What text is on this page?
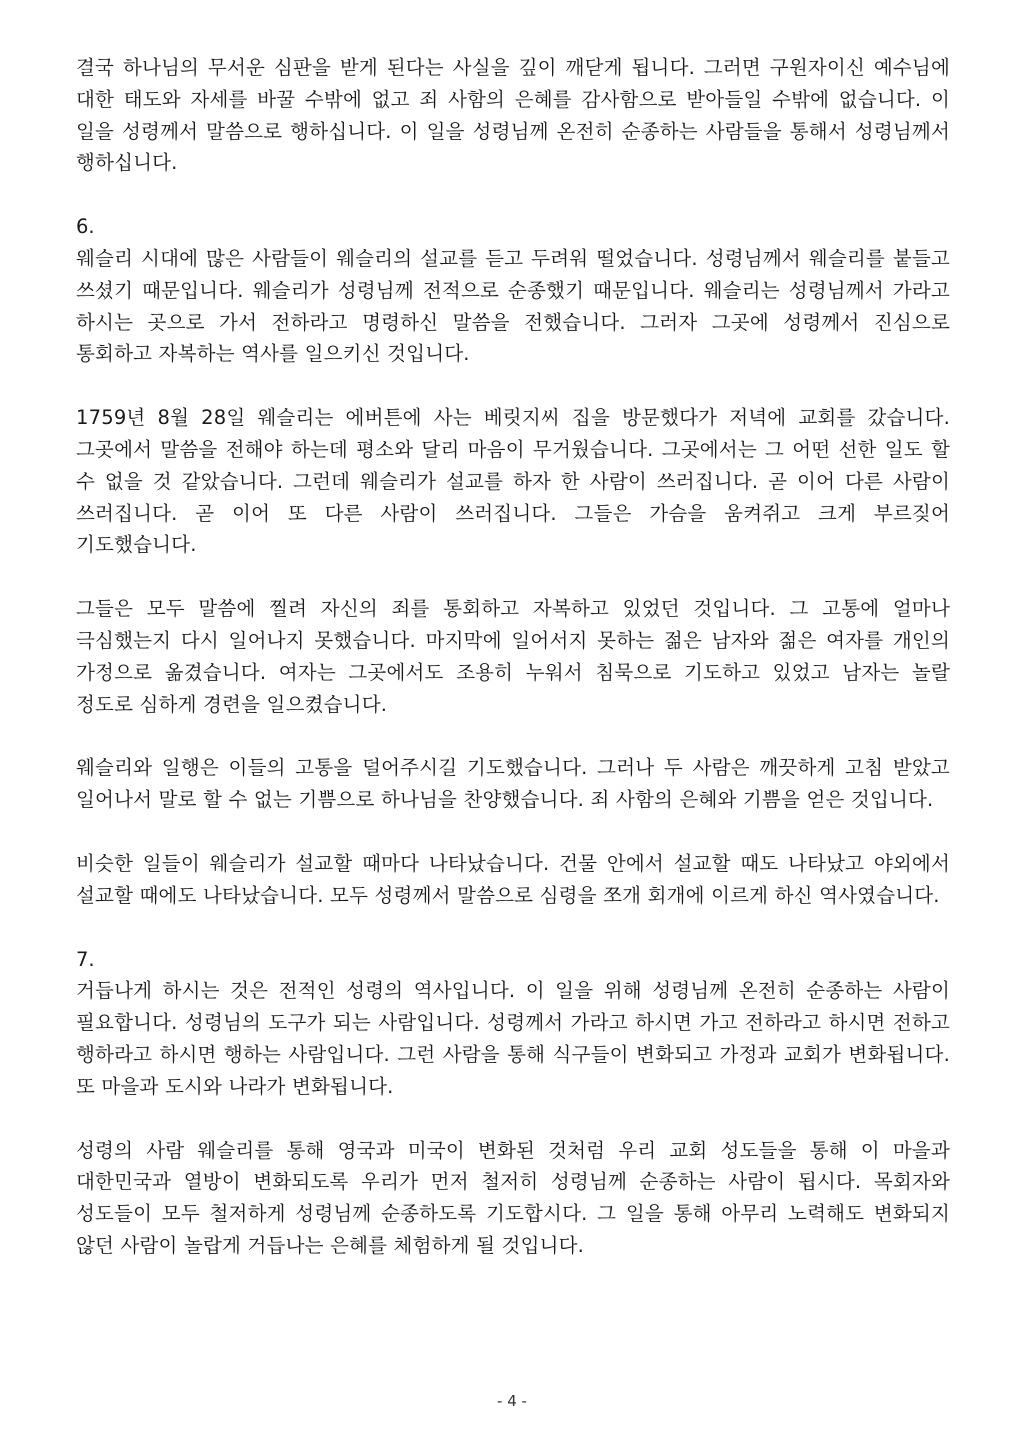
결국 하나님의 무서운 심판을 받게 된다는 사실을 깊이 깨닫게 됩니다. 그러면 구원자이신 예수님에 대한 태도와 자세를 바꿀 수밖에 없고 죄 사함의 은혜를 감사함으로 받아들일 수밖에 없습니다. 이 일을 성령께서 말씀으로 행하십니다. 이 일을 성령님께 온전히 순종하는 사람들을 통해서 성령님께서 행하십니다.

6.

웨슬리 시대에 많은 사람들이 웨슬리의 설교를 듣고 두려워 떨었습니다. 성령님께서 웨슬리를 붙들고 쓰셨기 때문입니다. 웨슬리가 성령님께 전적으로 순종했기 때문입니다. 웨슬리는 성령님께서 가라고 하시는 곳으로 가서 전하라고 명령하신 말씀을 전했습니다. 그러자 그곳에 성령께서 진심으로 통회하고 자복하는 역사를 일으키신 것입니다.

1759년 8월 28일 웨슬리는 에버튼에 사는 베릿지씨 집을 방문했다가 저녁에 교회를 갔습니다. 그곳에서 말씀을 전해야 하는데 평소와 달리 마음이 무거웠습니다. 그곳에서는 그 어떤 선한 일도 할 수 없을 것 같았습니다. 그런데 웨슬리가 설교를 하자 한 사람이 쓰러집니다. 곧 이어 다른 사람이 쓰러집니다. 곧 이어 또 다른 사람이 쓰러집니다. 그들은 가슴을 움켜쥐고 크게 부르짖어 기도했습니다.

그들은 모두 말씀에 찔려 자신의 죄를 통회하고 자복하고 있었던 것입니다. 그 고통에 얼마나 극심했는지 다시 일어나지 못했습니다. 마지막에 일어서지 못하는 젊은 남자와 젊은 여자를 개인의 가정으로 옮겼습니다. 여자는 그곳에서도 조용히 누워서 침묵으로 기도하고 있었고 남자는 놀랄 정도로 심하게 경련을 일으켰습니다.

웨슬리와 일행은 이들의 고통을 덜어주시길 기도했습니다. 그러나 두 사람은 깨끗하게 고침 받았고 일어나서 말로 할 수 없는 기쁨으로 하나님을 찬양했습니다. 죄 사함의 은혜와 기쁨을 얻은 것입니다.

비슷한 일들이 웨슬리가 설교할 때마다 나타났습니다. 건물 안에서 설교할 때도 나타났고 야외에서 설교할 때에도 나타났습니다. 모두 성령께서 말씀으로 심령을 쪼개 회개에 이르게 하신 역사였습니다.

7.

거듭나게 하시는 것은 전적인 성령의 역사입니다. 이 일을 위해 성령님께 온전히 순종하는 사람이 필요합니다. 성령님의 도구가 되는 사람입니다. 성령께서 가라고 하시면 가고 전하라고 하시면 전하고 행하라고 하시면 행하는 사람입니다. 그런 사람을 통해 식구들이 변화되고 가정과 교회가 변화됩니다. 또 마을과 도시와 나라가 변화됩니다.

성령의 사람 웨슬리를 통해 영국과 미국이 변화된 것처럼 우리 교회 성도들을 통해 이 마을과 대한민국과 열방이 변화되도록 우리가 먼저 철저히 성령님께 순종하는 사람이 됩시다. 목회자와 성도들이 모두 철저하게 성령님께 순종하도록 기도합시다. 그 일을 통해 아무리 노력해도 변화되지 않던 사람이 놀랍게 거듭나는 은혜를 체험하게 될 것입니다.

- 4 -
